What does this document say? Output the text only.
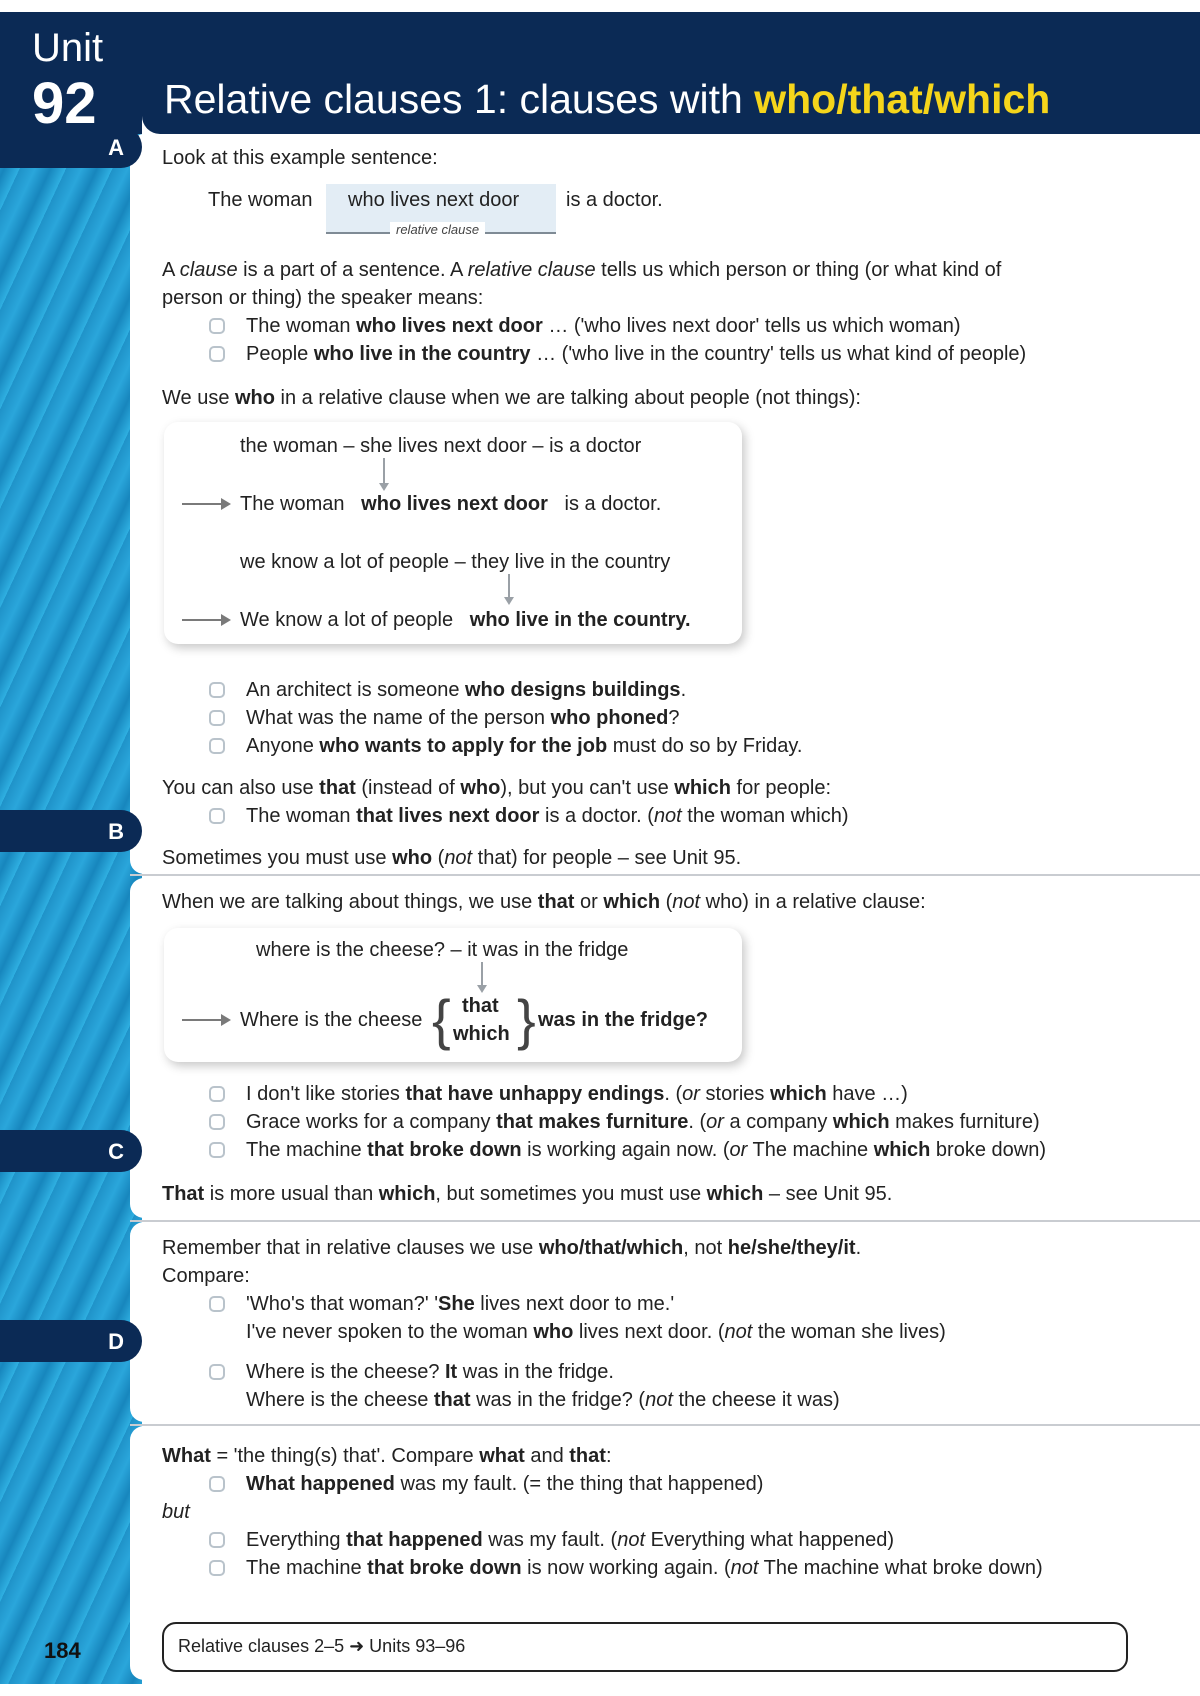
Unit
92 Relative clauses 1: clauses with who/that/which
A
B
C
D
Look at this example sentence:
relative clause
The woman who lives next door is a doctor.
A clause is a part of a sentence. A relative clause tells us which person or thing (or what kind of
person or thing) the speaker means:
The woman who lives next door … ('who lives next door' tells us which woman)
People who live in the country … ('who live in the country' tells us what kind of people)
We use who in a relative clause when we are talking about people (not things):
the woman – she lives next door – is a doctor
The woman who lives next door is a doctor.
we know a lot of people – they live in the country
We know a lot of people who live in the country.
An architect is someone who designs buildings.
What was the name of the person who phoned?
Anyone who wants to apply for the job must do so by Friday.
You can also use that (instead of who), but you can't use which for people:
The woman that lives next door is a doctor. (not the woman which)
Sometimes you must use who (not that) for people – see Unit 95.
When we are talking about things, we use that or which (not who) in a relative clause:
where is the cheese? – it was in the fridge
Where is the cheese { that
which } was in the fridge?
I don't like stories that have unhappy endings. (or stories which have …)
Grace works for a company that makes furniture. (or a company which makes furniture)
The machine that broke down is working again now. (or The machine which broke down)
That is more usual than which, but sometimes you must use which – see Unit 95.
Remember that in relative clauses we use who/that/which, not he/she/they/it.
Compare:
'Who's that woman?' 'She lives next door to me.'
I've never spoken to the woman who lives next door. (not the woman she lives)
Where is the cheese? It was in the fridge.
Where is the cheese that was in the fridge? (not the cheese it was)
What = 'the thing(s) that'. Compare what and that:
What happened was my fault. (= the thing that happened)
but
Everything that happened was my fault. (not Everything what happened)
The machine that broke down is now working again. (not The machine what broke down)
Relative clauses 2–5 ➜ Units 93–96
184
